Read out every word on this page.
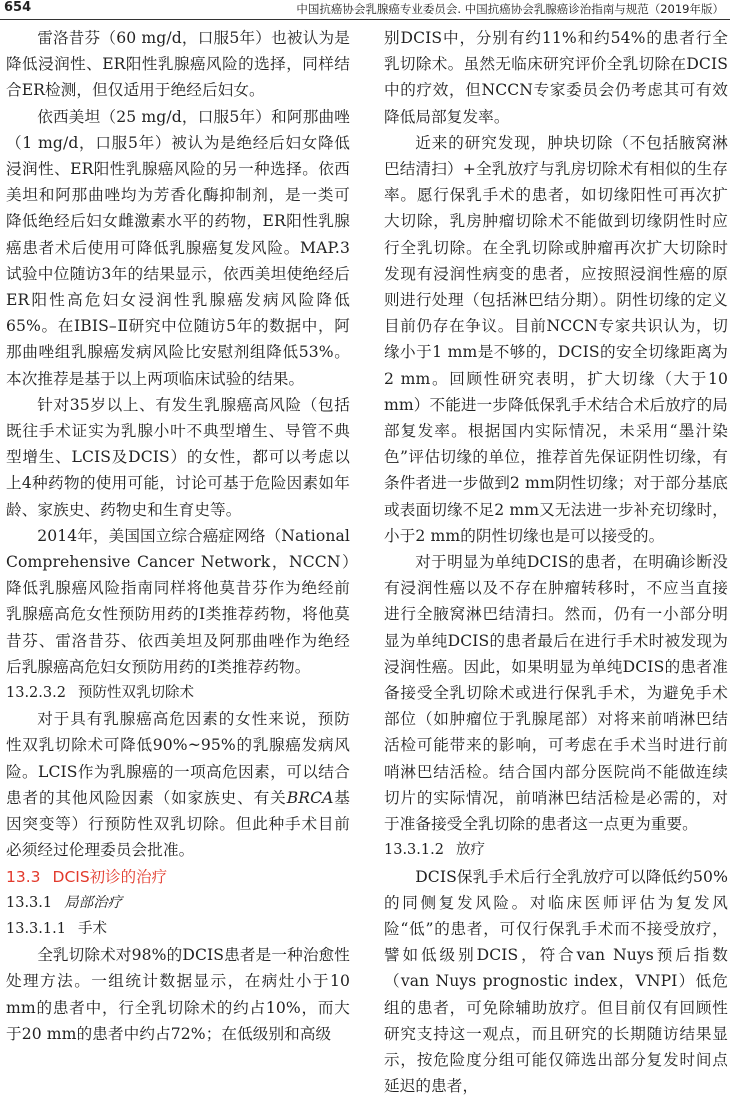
654	中国抗癌协会乳腺癌专业委员会. 中国抗癌协会乳腺癌诊治指南与规范（2019年版）

雷洛昔芬（60 mg/d，口服5年）也被认为是降低浸润性、ER阳性乳腺癌风险的选择，同样结合ER检测，但仅适用于绝经后妇女。

依西美坦（25 mg/d，口服5年）和阿那曲唑（1 mg/d，口服5年）被认为是绝经后妇女降低浸润性、ER阳性乳腺癌风险的另一种选择。依西美坦和阿那曲唑均为芳香化酶抑制剂，是一类可降低绝经后妇女雌激素水平的药物，ER阳性乳腺癌患者术后使用可降低乳腺癌复发风险。MAP.3试验中位随访3年的结果显示，依西美坦使绝经后ER阳性高危妇女浸润性乳腺癌发病风险降低65%。在IBIS–Ⅱ研究中位随访5年的数据中，阿那曲唑组乳腺癌发病风险比安慰剂组降低53%。本次推荐是基于以上两项临床试验的结果。

针对35岁以上、有发生乳腺癌高风险（包括既往手术证实为乳腺小叶不典型增生、导管不典型增生、LCIS及DCIS）的女性，都可以考虑以上4种药物的使用可能，讨论可基于危险因素如年龄、家族史、药物史和生育史等。

2014年，美国国立综合癌症网络（National Comprehensive Cancer Network，NCCN）降低乳腺癌风险指南同样将他莫昔芬作为绝经前乳腺癌高危女性预防用药的Ⅰ类推荐药物，将他莫昔芬、雷洛昔芬、依西美坦及阿那曲唑作为绝经后乳腺癌高危妇女预防用药的Ⅰ类推荐药物。

13.2.3.2 预防性双乳切除术

对于具有乳腺癌高危因素的女性来说，预防性双乳切除术可降低90%~95%的乳腺癌发病风险。LCIS作为乳腺癌的一项高危因素，可以结合患者的其他风险因素（如家族史、有关BRCA基因突变等）行预防性双乳切除。但此种手术目前必须经过伦理委员会批准。

13.3 DCIS初诊的治疗

13.3.1 局部治疗

13.3.1.1 手术

全乳切除术对98%的DCIS患者是一种治愈性处理方法。一组统计数据显示，在病灶小于10 mm的患者中，行全乳切除术的约占10%，而大于20 mm的患者中约占72%；在低级别和高级

别DCIS中，分别有约11%和约54%的患者行全乳切除术。虽然无临床研究评价全乳切除在DCIS中的疗效，但NCCN专家委员会仍考虑其可有效降低局部复发率。

近来的研究发现，肿块切除（不包括腋窝淋巴结清扫）+全乳放疗与乳房切除术有相似的生存率。愿行保乳手术的患者，如切缘阳性可再次扩大切除，乳房肿瘤切除术不能做到切缘阴性时应行全乳切除。在全乳切除或肿瘤再次扩大切除时发现有浸润性病变的患者，应按照浸润性癌的原则进行处理（包括淋巴结分期）。阴性切缘的定义目前仍存在争议。目前NCCN专家共识认为，切缘小于1 mm是不够的，DCIS的安全切缘距离为2 mm。回顾性研究表明，扩大切缘（大于10 mm）不能进一步降低保乳手术结合术后放疗的局部复发率。根据国内实际情况，未采用“墨汁染色”评估切缘的单位，推荐首先保证阴性切缘，有条件者进一步做到2 mm阴性切缘；对于部分基底或表面切缘不足2 mm又无法进一步补充切缘时，小于2 mm的阴性切缘也是可以接受的。

对于明显为单纯DCIS的患者，在明确诊断没有浸润性癌以及不存在肿瘤转移时，不应当直接进行全腋窝淋巴结清扫。然而，仍有一小部分明显为单纯DCIS的患者最后在进行手术时被发现为浸润性癌。因此，如果明显为单纯DCIS的患者准备接受全乳切除术或进行保乳手术，为避免手术部位（如肿瘤位于乳腺尾部）对将来前哨淋巴结活检可能带来的影响，可考虑在手术当时进行前哨淋巴结活检。结合国内部分医院尚不能做连续切片的实际情况，前哨淋巴结活检是必需的，对于准备接受全乳切除的患者这一点更为重要。

13.3.1.2 放疗

DCIS保乳手术后行全乳放疗可以降低约50%的同侧复发风险。对临床医师评估为复发风险“低”的患者，可仅行保乳手术而不接受放疗，譬如低级别DCIS，符合van Nuys预后指数（van Nuys prognostic index，VNPI）低危组的患者，可免除辅助放疗。但目前仅有回顾性研究支持这一观点，而且研究的长期随访结果显示，按危险度分组可能仅筛选出部分复发时间点延迟的患者，
